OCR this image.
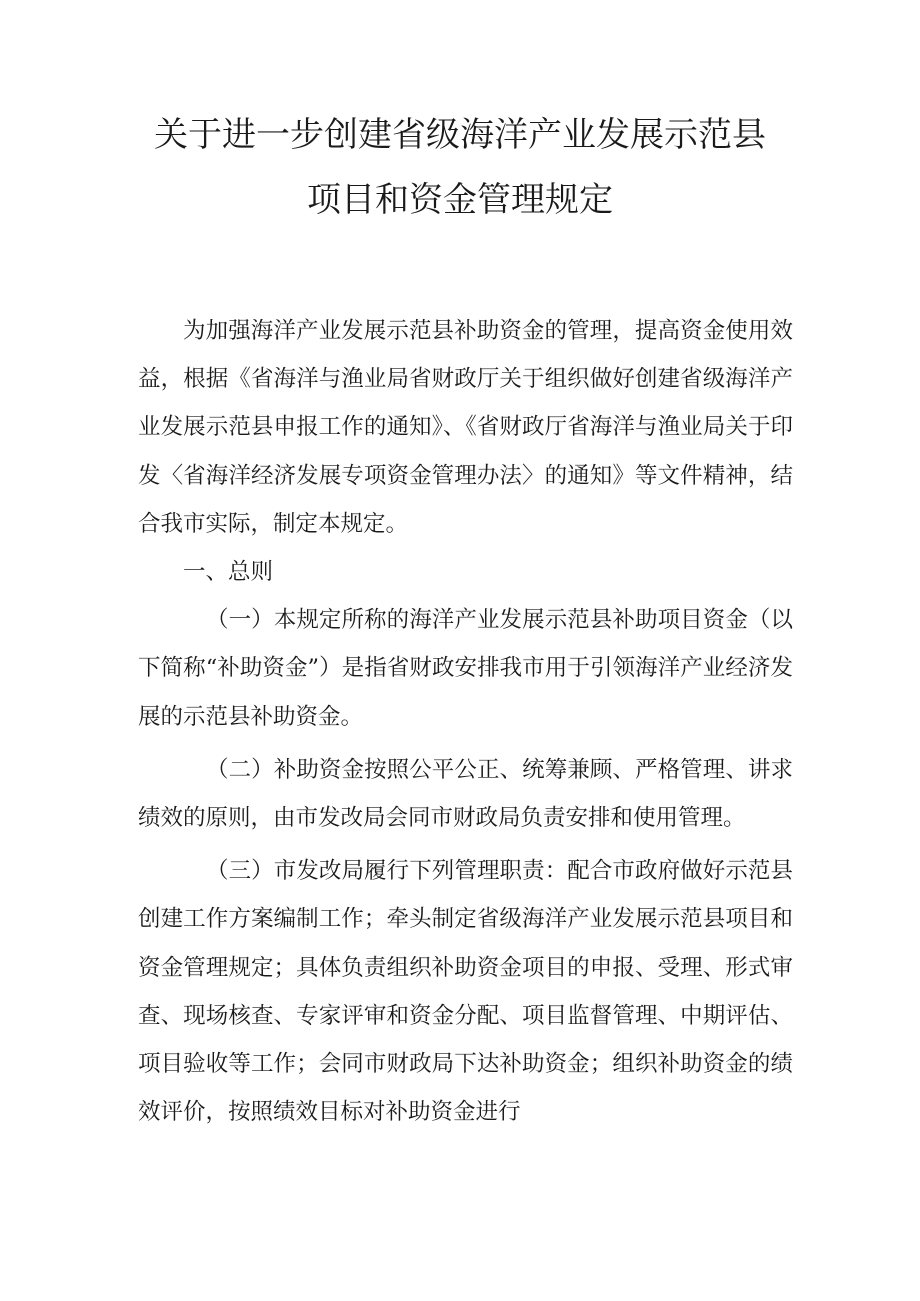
关于进一步创建省级海洋产业发展示范县
项目和资金管理规定

为加强海洋产业发展示范县补助资金的管理，提高资金使用效益，根据《省海洋与渔业局省财政厅关于组织做好创建省级海洋产业发展示范县申报工作的通知》、《省财政厅省海洋与渔业局关于印发〈省海洋经济发展专项资金管理办法〉的通知》等文件精神，结合我市实际，制定本规定。

一、总则

（一）本规定所称的海洋产业发展示范县补助项目资金（以下简称“补助资金”）是指省财政安排我市用于引领海洋产业经济发展的示范县补助资金。

（二）补助资金按照公平公正、统筹兼顾、严格管理、讲求绩效的原则，由市发改局会同市财政局负责安排和使用管理。

（三）市发改局履行下列管理职责：配合市政府做好示范县创建工作方案编制工作；牵头制定省级海洋产业发展示范县项目和资金管理规定；具体负责组织补助资金项目的申报、受理、形式审查、现场核查、专家评审和资金分配、项目监督管理、中期评估、项目验收等工作；会同市财政局下达补助资金；组织补助资金的绩效评价，按照绩效目标对补助资金进行
